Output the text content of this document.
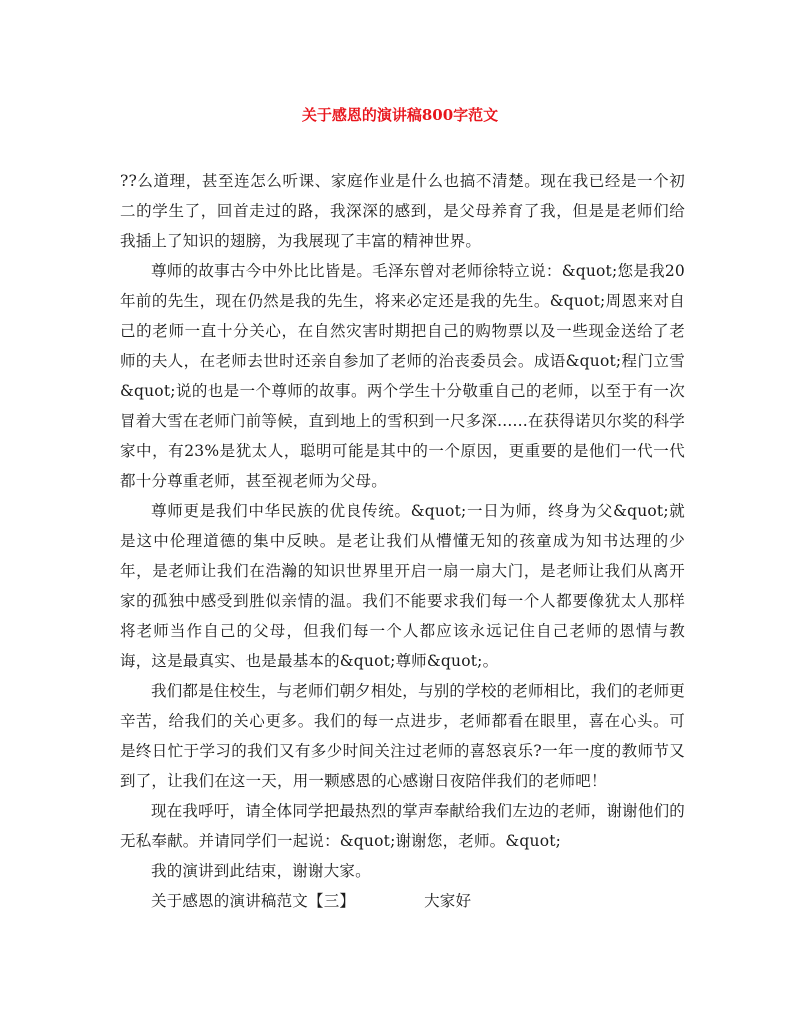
关于感恩的演讲稿800字范文

??么道理，甚至连怎么听课、家庭作业是什么也搞不清楚。现在我已经是一个初二的学生了，回首走过的路，我深深的感到，是父母养育了我，但是是老师们给我插上了知识的翅膀，为我展现了丰富的精神世界。

尊师的故事古今中外比比皆是。毛泽东曾对老师徐特立说：&quot;您是我20年前的先生，现在仍然是我的先生，将来必定还是我的先生。&quot;周恩来对自己的老师一直十分关心，在自然灾害时期把自己的购物票以及一些现金送给了老师的夫人，在老师去世时还亲自参加了老师的治丧委员会。成语&quot;程门立雪&quot;说的也是一个尊师的故事。两个学生十分敬重自己的老师，以至于有一次冒着大雪在老师门前等候，直到地上的雪积到一尺多深......在获得诺贝尔奖的科学家中，有23%是犹太人，聪明可能是其中的一个原因，更重要的是他们一代一代都十分尊重老师，甚至视老师为父母。

尊师更是我们中华民族的优良传统。&quot;一日为师，终身为父&quot;就是这中伦理道德的集中反映。是老让我们从懵懂无知的孩童成为知书达理的少年，是老师让我们在浩瀚的知识世界里开启一扇一扇大门，是老师让我们从离开家的孤独中感受到胜似亲情的温。我们不能要求我们每一个人都要像犹太人那样将老师当作自己的父母，但我们每一个人都应该永远记住自己老师的恩情与教诲，这是最真实、也是最基本的&quot;尊师&quot;。

我们都是住校生，与老师们朝夕相处，与别的学校的老师相比，我们的老师更辛苦，给我们的关心更多。我们的每一点进步，老师都看在眼里，喜在心头。可是终日忙于学习的我们又有多少时间关注过老师的喜怒哀乐?一年一度的教师节又到了，让我们在这一天，用一颗感恩的心感谢日夜陪伴我们的老师吧！

现在我呼吁，请全体同学把最热烈的掌声奉献给我们左边的老师，谢谢他们的无私奉献。并请同学们一起说：&quot;谢谢您，老师。&quot;

我的演讲到此结束，谢谢大家。

关于感恩的演讲稿范文【三】	大家好
